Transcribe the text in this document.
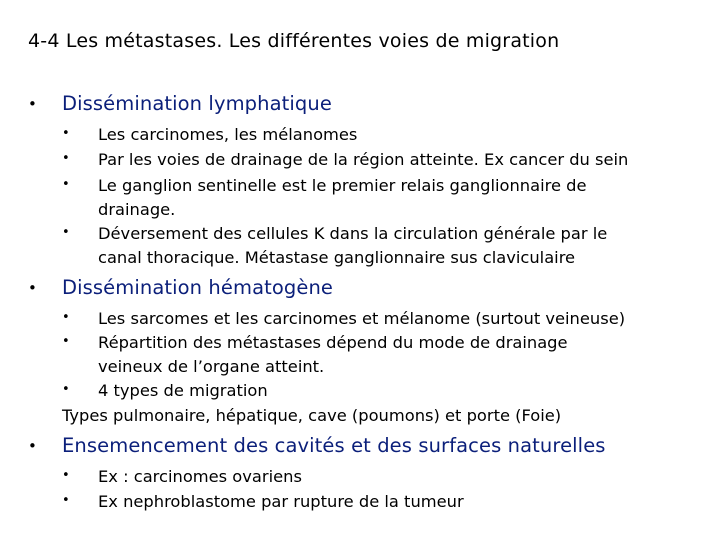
4-4 Les métastases. Les différentes voies de migration
• Dissémination lymphatique
• Les carcinomes, les mélanomes
• Par les voies de drainage de la région atteinte. Ex cancer du sein
• Le ganglion sentinelle est le premier relais ganglionnaire de
drainage.
• Déversement des cellules K dans la circulation générale par le
canal thoracique. Métastase ganglionnaire sus claviculaire
• Dissémination hématogène
• Les sarcomes et les carcinomes et mélanome (surtout veineuse)
• Répartition des métastases dépend du mode de drainage
veineux de l’organe atteint.
• 4 types de migration
Types pulmonaire, hépatique, cave (poumons) et porte (Foie)
• Ensemencement des cavités et des surfaces naturelles
• Ex : carcinomes ovariens
• Ex nephroblastome par rupture de la tumeur
